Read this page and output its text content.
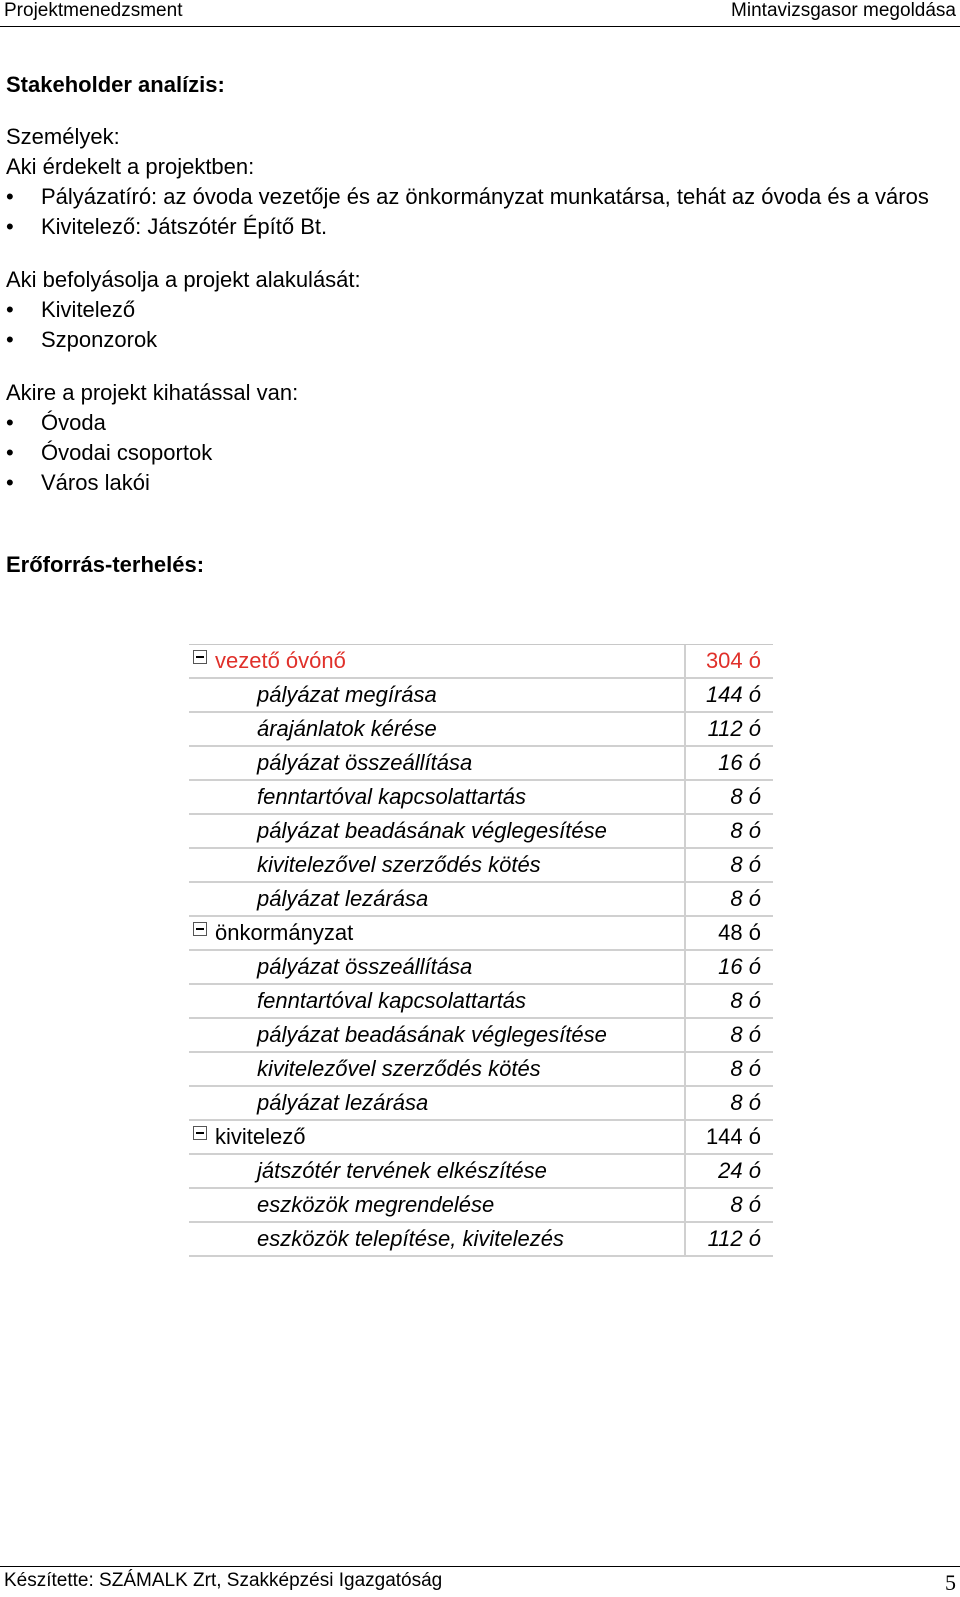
Projektmenedzsment	Mintavizsgasor megoldása
Stakeholder analízis:
Személyek:
Aki érdekelt a projektben:
• Pályázatíró: az óvoda vezetője és az önkormányzat munkatársa, tehát az óvoda és a város
• Kivitelező: Játszótér Építő Bt.
Aki befolyásolja a projekt alakulását:
• Kivitelező
• Szponzorok
Akire a projekt kihatással van:
• Óvoda
• Óvodai csoportok
• Város lakói
Erőforrás-terhelés:
vezető óvónő	304 ó
pályázat megírása	144 ó
árajánlatok kérése	112 ó
pályázat összeállítása	16 ó
fenntartóval kapcsolattartás	8 ó
pályázat beadásának véglegesítése	8 ó
kivitelezővel szerződés kötés	8 ó
pályázat lezárása	8 ó
önkormányzat	48 ó
pályázat összeállítása	16 ó
fenntartóval kapcsolattartás	8 ó
pályázat beadásának véglegesítése	8 ó
kivitelezővel szerződés kötés	8 ó
pályázat lezárása	8 ó
kivitelező	144 ó
játszótér tervének elkészítése	24 ó
eszközök megrendelése	8 ó
eszközök telepítése, kivitelezés	112 ó
Készítette: SZÁMALK Zrt, Szakképzési Igazgatóság	5
